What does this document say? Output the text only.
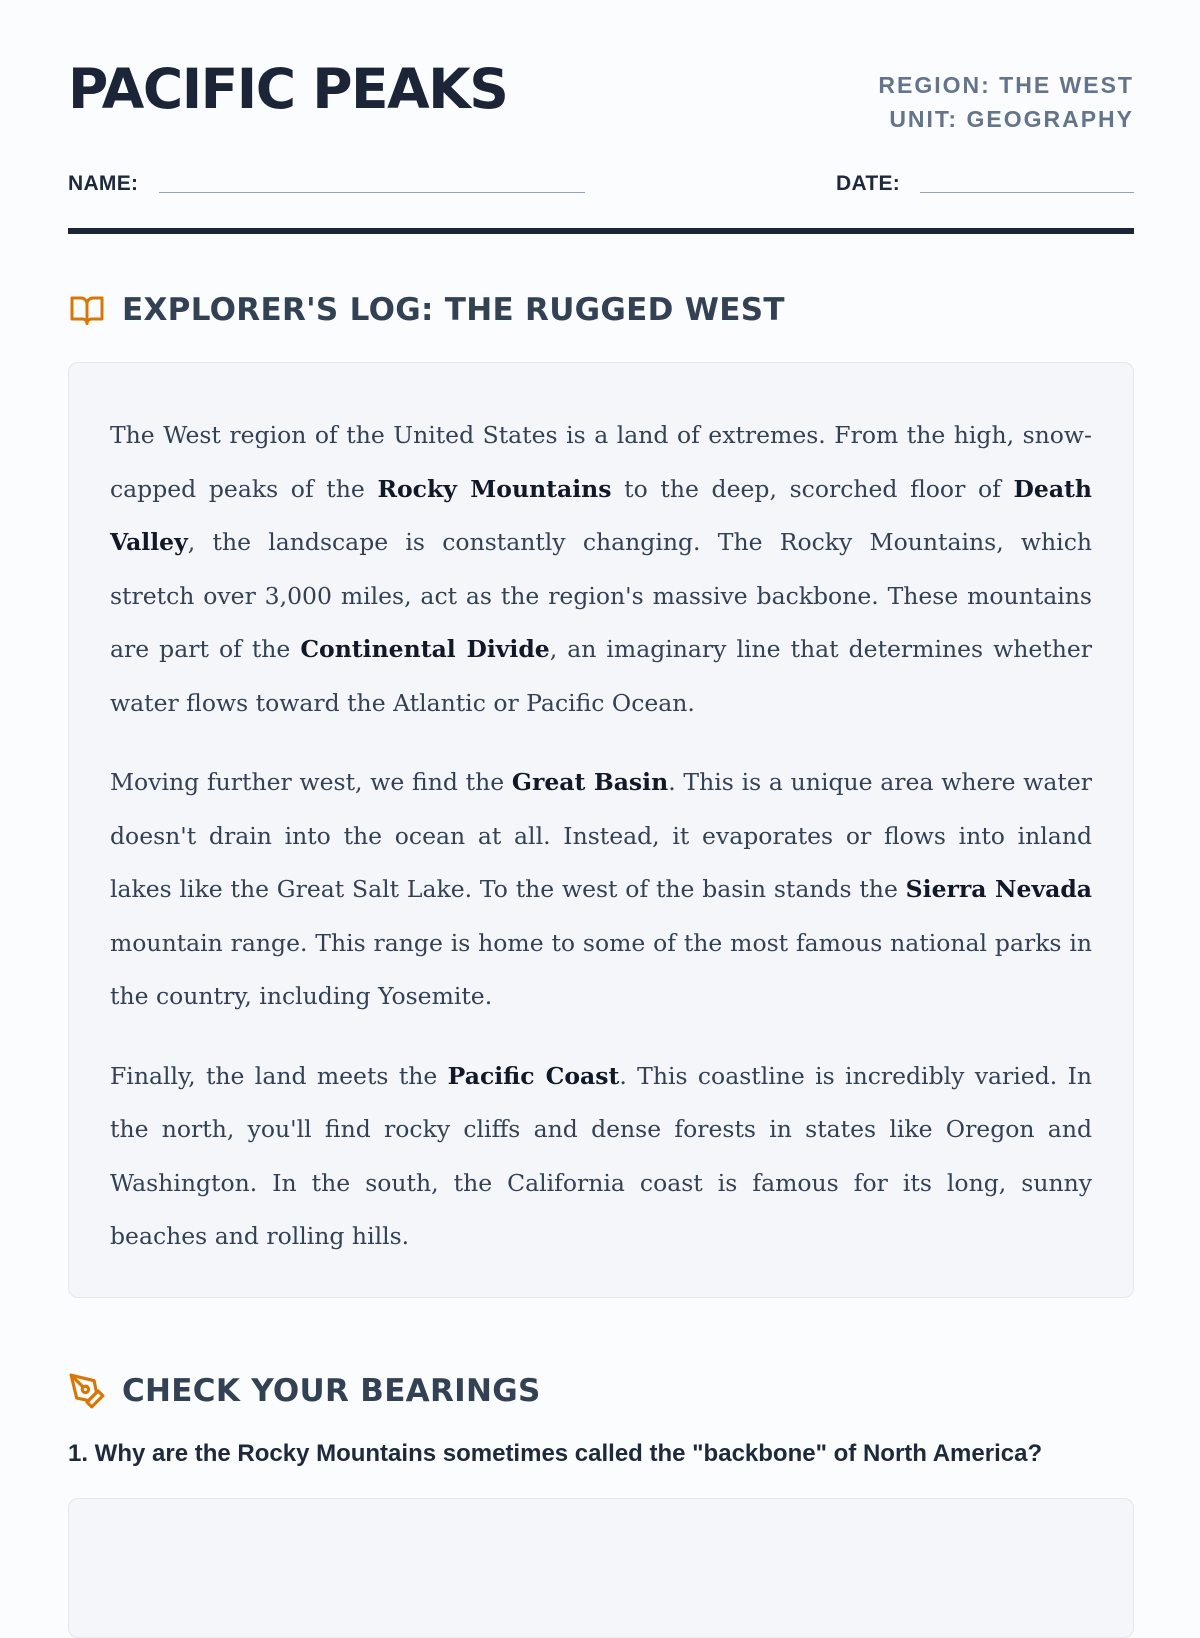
PACIFIC PEAKS	REGION: THE WEST
UNIT: GEOGRAPHY
NAME:	DATE:
EXPLORER'S LOG: THE RUGGED WEST

The West region of the United States is a land of extremes. From the high, snow-capped peaks of the Rocky Mountains to the deep, scorched floor of Death Valley, the landscape is constantly changing. The Rocky Mountains, which stretch over 3,000 miles, act as the region's massive backbone. These mountains are part of the Continental Divide, an imaginary line that determines whether water flows toward the Atlantic or Pacific Ocean.

Moving further west, we find the Great Basin. This is a unique area where water doesn't drain into the ocean at all. Instead, it evaporates or flows into inland lakes like the Great Salt Lake. To the west of the basin stands the Sierra Nevada mountain range. This range is home to some of the most famous national parks in the country, including Yosemite.

Finally, the land meets the Pacific Coast. This coastline is incredibly varied. In the north, you'll find rocky cliffs and dense forests in states like Oregon and Washington. In the south, the California coast is famous for its long, sunny beaches and rolling hills.

CHECK YOUR BEARINGS
1. Why are the Rocky Mountains sometimes called the "backbone" of North America?
